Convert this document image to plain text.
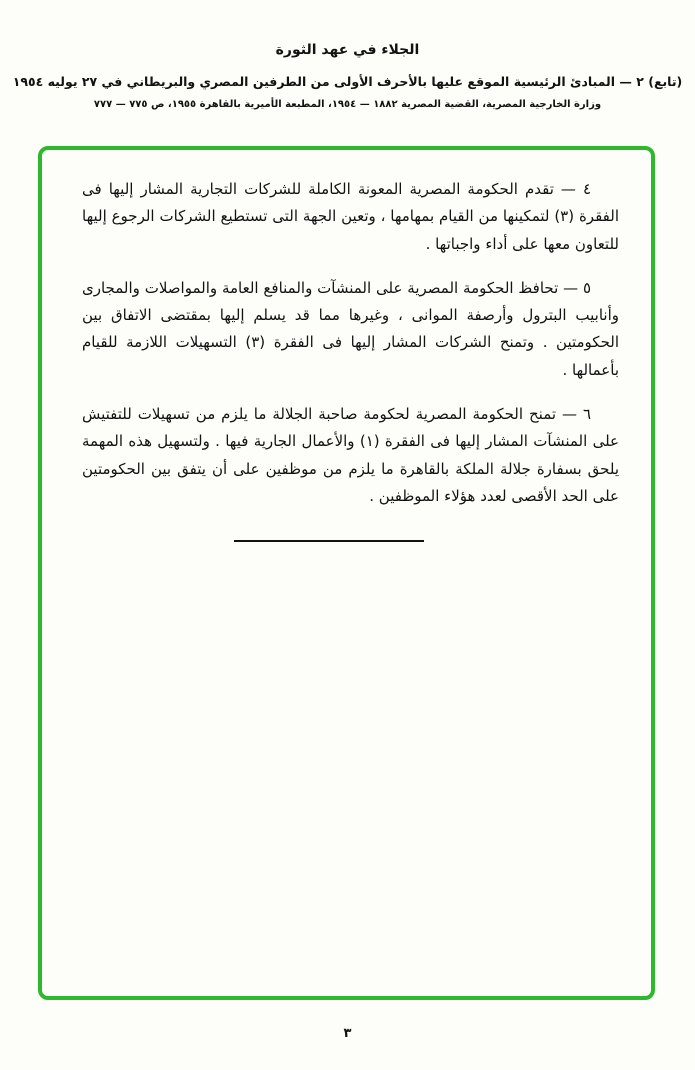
الجلاء في عهد الثورة
(تابع) ٢ — المبادئ الرئيسية الموقع عليها بالأحرف الأولى من الطرفين المصري والبريطاني في ٢٧ يوليه ١٩٥٤
وزارة الخارجية المصرية، القضية المصرية ١٨٨٢ — ١٩٥٤، المطبعة الأميرية بالقاهرة ١٩٥٥، ص ٧٧٥ — ٧٧٧

٤ — تقدم الحكومة المصرية المعونة الكاملة للشركات التجارية المشار إليها فى الفقرة (٣) لتمكينها من القيام بمهامها ، وتعين الجهة التى تستطيع الشركات الرجوع إليها للتعاون معها على أداء واجباتها .

٥ — تحافظ الحكومة المصرية على المنشآت والمنافع العامة والمواصلات والمجارى وأنابيب البترول وأرصفة الموانى ، وغيرها مما قد يسلم إليها بمقتضى الاتفاق بين الحكومتين . وتمنح الشركات المشار إليها فى الفقرة (٣) التسهيلات اللازمة للقيام بأعمالها .

٦ — تمنح الحكومة المصرية لحكومة صاحبة الجلالة ما يلزم من تسهيلات للتفتيش على المنشآت المشار إليها فى الفقرة (١) والأعمال الجارية فيها . ولتسهيل هذه المهمة يلحق بسفارة جلالة الملكة بالقاهرة ما يلزم من موظفين على أن يتفق بين الحكومتين على الحد الأقصى لعدد هؤلاء الموظفين .

٣
